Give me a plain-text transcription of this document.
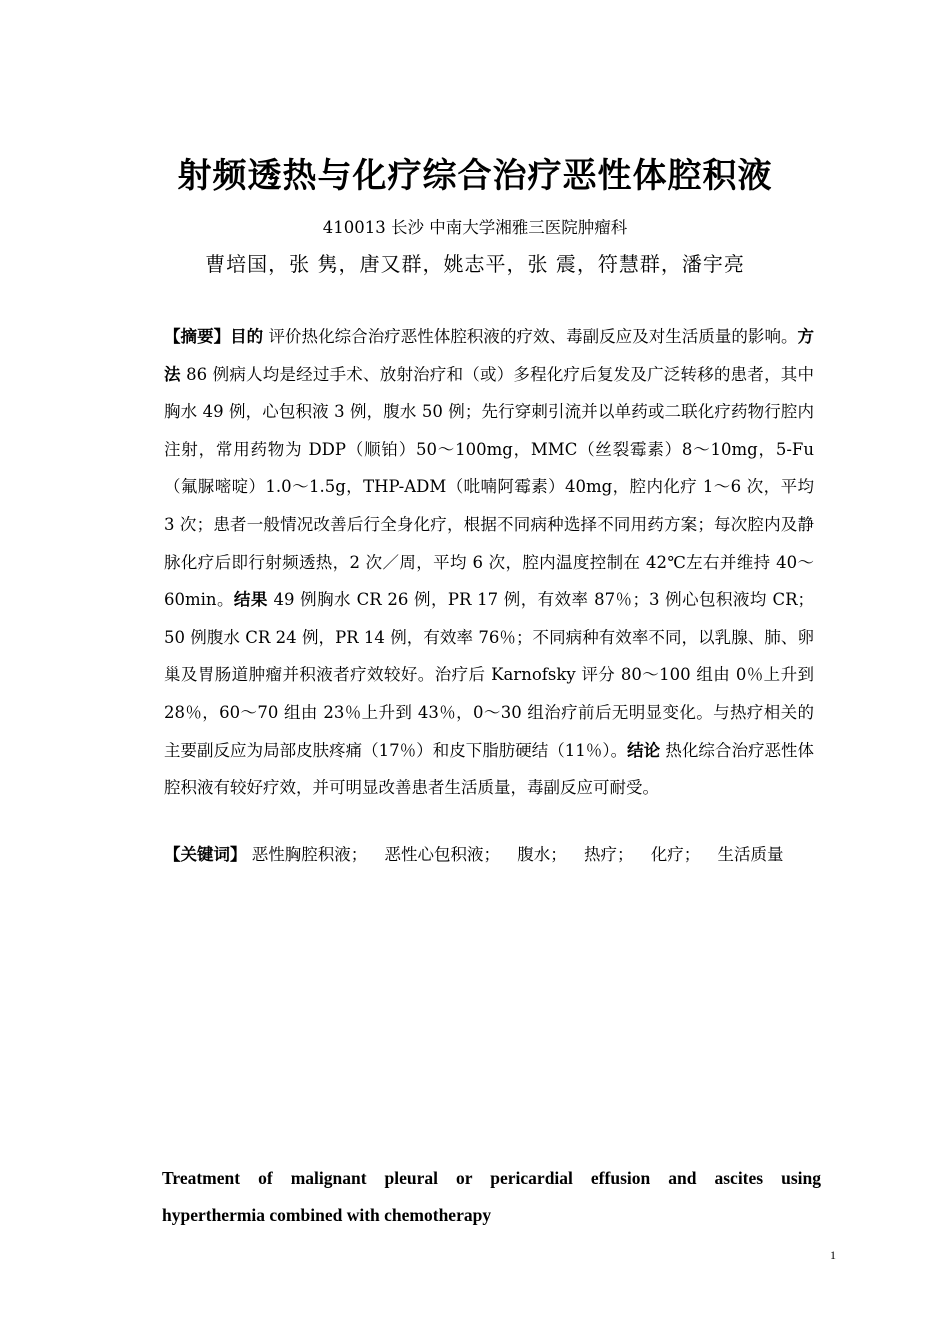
射频透热与化疗综合治疗恶性体腔积液
410013 长沙 中南大学湘雅三医院肿瘤科
曹培国，张 隽，唐又群，姚志平，张 震，符慧群，潘宇亮
【摘要】目的 评价热化综合治疗恶性体腔积液的疗效、毒副反应及对生活质量的影响。方法 86 例病人均是经过手术、放射治疗和（或）多程化疗后复发及广泛转移的患者，其中胸水 49 例，心包积液 3 例，腹水 50 例；先行穿刺引流并以单药或二联化疗药物行腔内注射，常用药物为 DDP（顺铂）50～100mg，MMC（丝裂霉素）8～10mg，5-Fu （氟脲嘧啶）1.0～1.5g，THP-ADM（吡喃阿霉素）40mg，腔内化疗 1～6 次，平均 3 次；患者一般情况改善后行全身化疗，根据不同病种选择不同用药方案；每次腔内及静脉化疗后即行射频透热，2 次／周，平均 6 次，腔内温度控制在 42℃左右并维持 40～60min。结果 49 例胸水 CR 26 例，PR 17 例，有效率 87％；3 例心包积液均 CR；50 例腹水 CR 24 例，PR 14 例，有效率 76％；不同病种有效率不同，以乳腺、肺、卵巢及胃肠道肿瘤并积液者疗效较好。治疗后 Karnofsky 评分 80～100 组由 0％上升到 28％，60～70 组由 23％上升到 43％，0～30 组治疗前后无明显变化。与热疗相关的主要副反应为局部皮肤疼痛（17％）和皮下脂肪硬结（11％）。结论 热化综合治疗恶性体腔积液有较好疗效，并可明显改善患者生活质量，毒副反应可耐受。
【关键词】 恶性胸腔积液； 恶性心包积液； 腹水； 热疗； 化疗； 生活质量
Treatment of malignant pleural or pericardial effusion and ascites using
hyperthermia combined with chemotherapy
1
